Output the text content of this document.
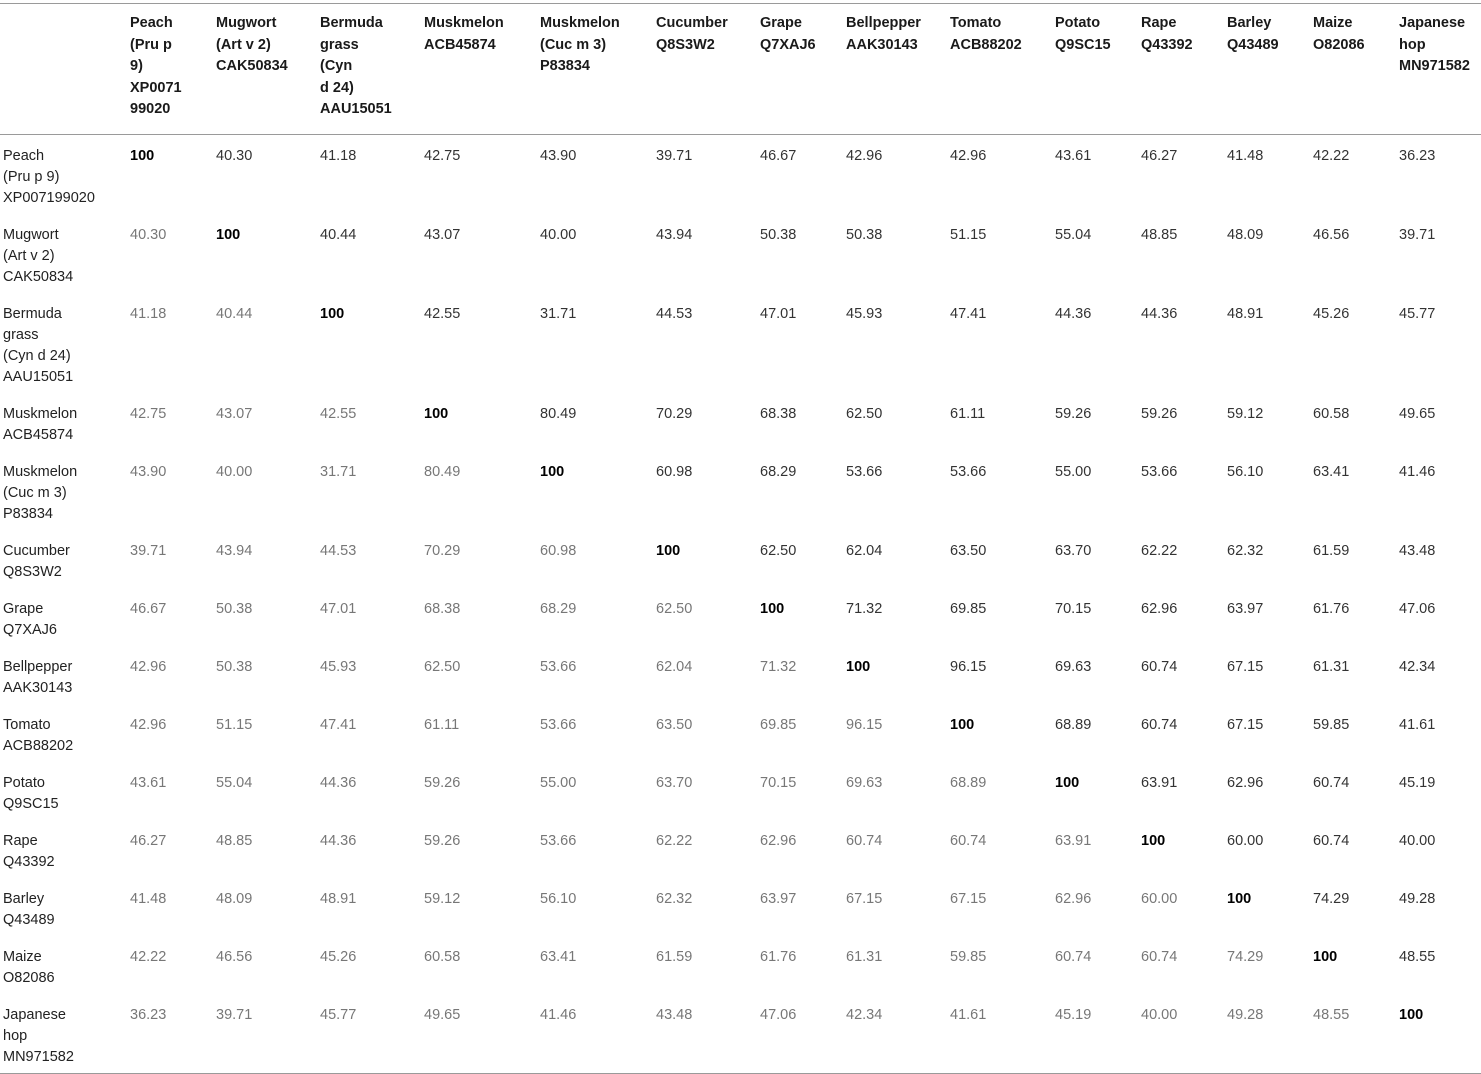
	Peach
(Pru p
9)
XP0071
99020	Mugwort
(Art v 2)
CAK50834	Bermuda
grass
(Cyn
d 24)
AAU15051	Muskmelon
ACB45874	Muskmelon
(Cuc m 3)
P83834	Cucumber
Q8S3W2	Grape
Q7XAJ6	Bellpepper
AAK30143	Tomato
ACB88202	Potato
Q9SC15	Rape
Q43392	Barley
Q43489	Maize
O82086	Japanese
hop
MN971582
Peach
(Pru p 9)
XP007199020	100	40.30	41.18	42.75	43.90	39.71	46.67	42.96	42.96	43.61	46.27	41.48	42.22	36.23
Mugwort
(Art v 2)
CAK50834	40.30	100	40.44	43.07	40.00	43.94	50.38	50.38	51.15	55.04	48.85	48.09	46.56	39.71
Bermuda
grass
(Cyn d 24)
AAU15051	41.18	40.44	100	42.55	31.71	44.53	47.01	45.93	47.41	44.36	44.36	48.91	45.26	45.77
Muskmelon
ACB45874	42.75	43.07	42.55	100	80.49	70.29	68.38	62.50	61.11	59.26	59.26	59.12	60.58	49.65
Muskmelon
(Cuc m 3)
P83834	43.90	40.00	31.71	80.49	100	60.98	68.29	53.66	53.66	55.00	53.66	56.10	63.41	41.46
Cucumber
Q8S3W2	39.71	43.94	44.53	70.29	60.98	100	62.50	62.04	63.50	63.70	62.22	62.32	61.59	43.48
Grape
Q7XAJ6	46.67	50.38	47.01	68.38	68.29	62.50	100	71.32	69.85	70.15	62.96	63.97	61.76	47.06
Bellpepper
AAK30143	42.96	50.38	45.93	62.50	53.66	62.04	71.32	100	96.15	69.63	60.74	67.15	61.31	42.34
Tomato
ACB88202	42.96	51.15	47.41	61.11	53.66	63.50	69.85	96.15	100	68.89	60.74	67.15	59.85	41.61
Potato
Q9SC15	43.61	55.04	44.36	59.26	55.00	63.70	70.15	69.63	68.89	100	63.91	62.96	60.74	45.19
Rape
Q43392	46.27	48.85	44.36	59.26	53.66	62.22	62.96	60.74	60.74	63.91	100	60.00	60.74	40.00
Barley
Q43489	41.48	48.09	48.91	59.12	56.10	62.32	63.97	67.15	67.15	62.96	60.00	100	74.29	49.28
Maize
O82086	42.22	46.56	45.26	60.58	63.41	61.59	61.76	61.31	59.85	60.74	60.74	74.29	100	48.55
Japanese
hop
MN971582	36.23	39.71	45.77	49.65	41.46	43.48	47.06	42.34	41.61	45.19	40.00	49.28	48.55	100
